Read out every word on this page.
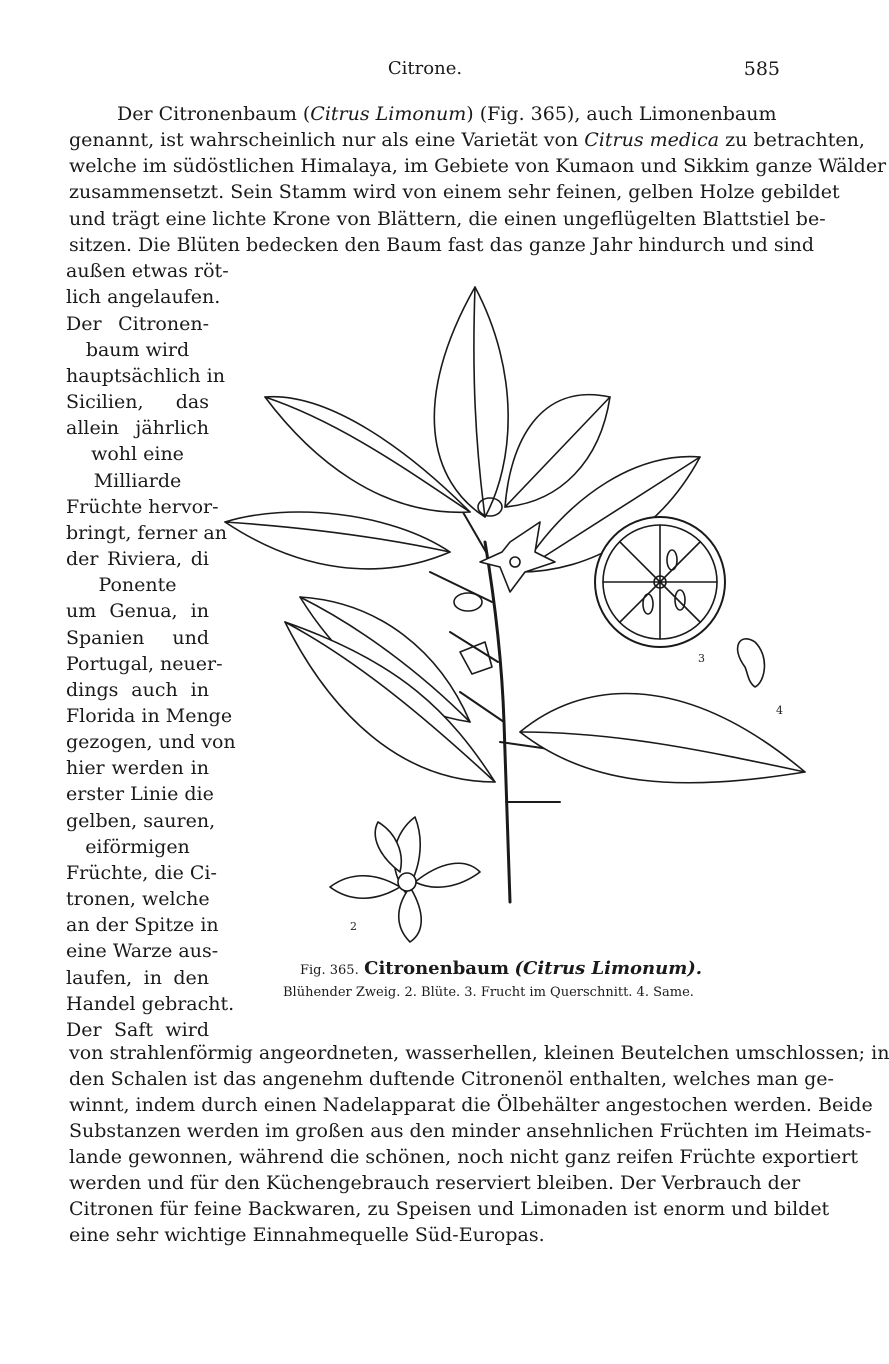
Citrone.	585
Der Citronenbaum (Citrus Limonum) (Fig. 365), auch Limonenbaum
genannt, ist wahrscheinlich nur als eine Varietät von Citrus medica zu betrachten,
welche im südöstlichen Himalaya, im Gebiete von Kumaon und Sikkim ganze Wälder
zusammensetzt. Sein Stamm wird von einem sehr feinen, gelben Holze gebildet
und trägt eine lichte Krone von Blättern, die einen ungeflügelten Blattstiel be-
sitzen. Die Blüten bedecken den Baum fast das ganze Jahr hindurch und sind
außen etwas röt-
lich angelaufen.
Der Citronen-
baum wird
hauptsächlich in
Sicilien, das
allein jährlich
wohl eine
Milliarde
Früchte hervor-
bringt, ferner an
der Riviera, di
Ponente
um Genua, in
Spanien und
Portugal, neuer-
dings auch in
Florida in Menge
gezogen, und von
hier werden in
erster Linie die
gelben, sauren,
eiförmigen
Früchte, die Ci-
tronen, welche
an der Spitze in
eine Warze aus-
laufen, in den
Handel gebracht.
Der Saft wird
3
4
2
Fig. 365. Citronenbaum (Citrus Limonum).
Blühender Zweig. 2. Blüte. 3. Frucht im Querschnitt. 4. Same.
von strahlenförmig angeordneten, wasserhellen, kleinen Beutelchen umschlossen; in
den Schalen ist das angenehm duftende Citronenöl enthalten, welches man ge-
winnt, indem durch einen Nadelapparat die Ölbehälter angestochen werden. Beide
Substanzen werden im großen aus den minder ansehnlichen Früchten im Heimats-
lande gewonnen, während die schönen, noch nicht ganz reifen Früchte exportiert
werden und für den Küchengebrauch reserviert bleiben. Der Verbrauch der
Citronen für feine Backwaren, zu Speisen und Limonaden ist enorm und bildet
eine sehr wichtige Einnahmequelle Süd-Europas.
